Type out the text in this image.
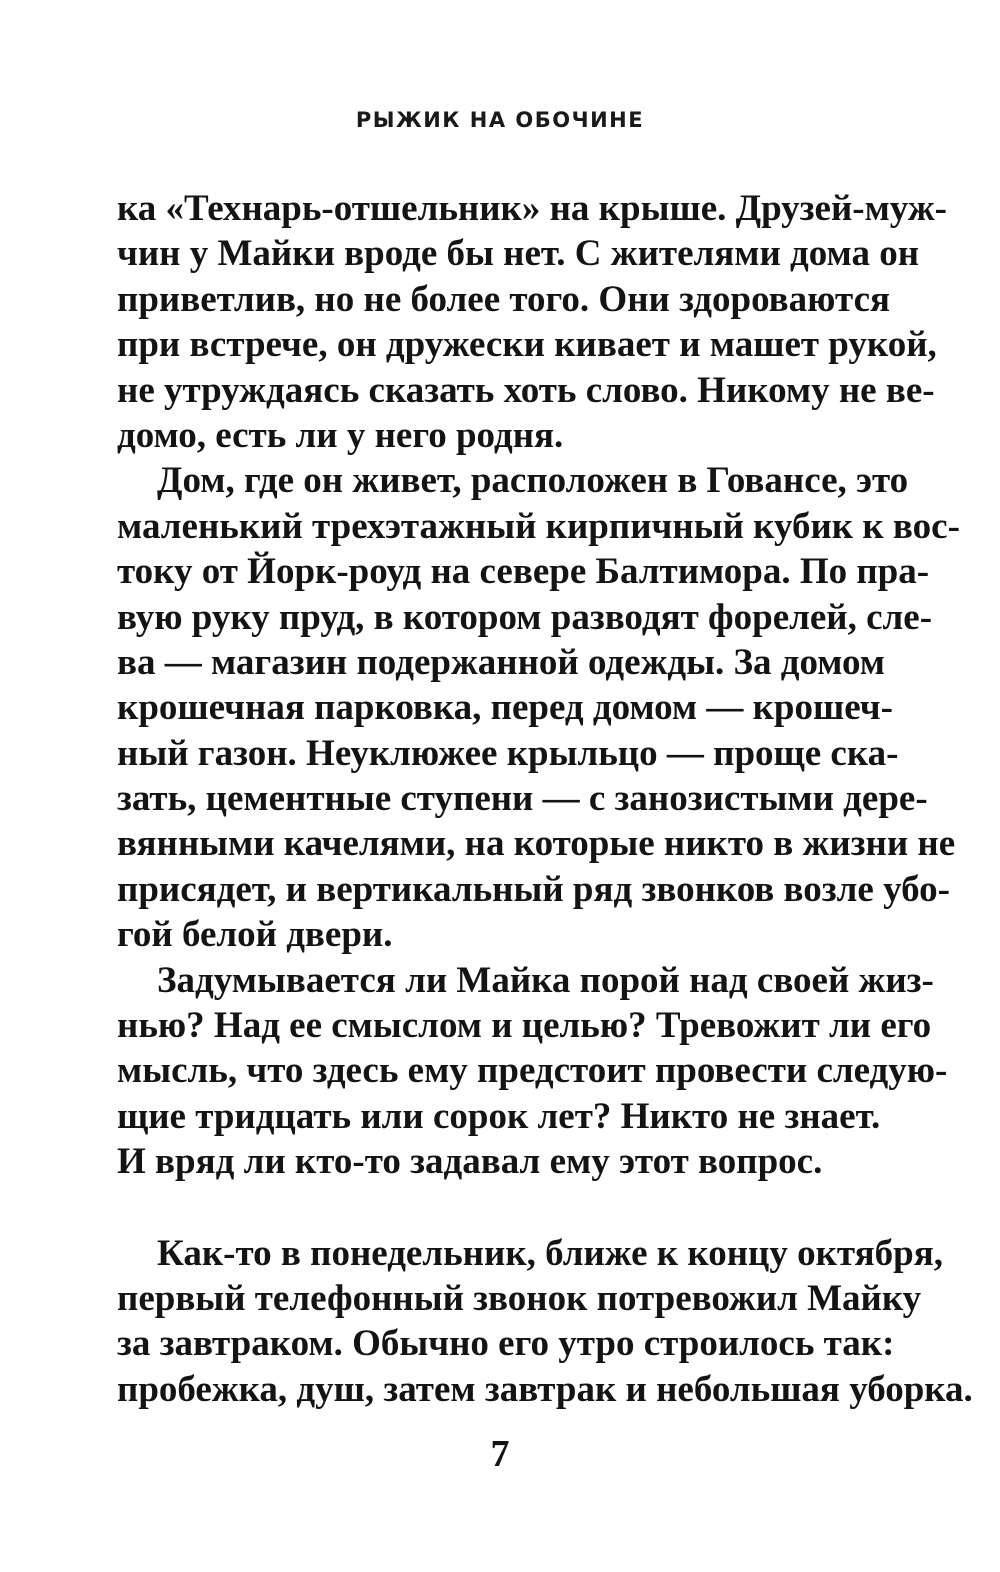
РЫЖИК НА ОБОЧИНЕ
ка «Технарь-отшельник» на крыше. Друзей-муж-
чин у Майки вроде бы нет. С жителями дома он
приветлив, но не более того. Они здороваются
при встрече, он дружески кивает и машет рукой,
не утруждаясь сказать хоть слово. Никому не ве-
домо, есть ли у него родня.
Дом, где он живет, расположен в Говансе, это
маленький трехэтажный кирпичный кубик к вос-
току от Йорк-роуд на севере Балтимора. По пра-
вую руку пруд, в котором разводят форелей, сле-
ва — магазин подержанной одежды. За домом
крошечная парковка, перед домом — крошеч-
ный газон. Неуклюжее крыльцо — проще ска-
зать, цементные ступени — с занозистыми дере-
вянными качелями, на которые никто в жизни не
присядет, и вертикальный ряд звонков возле убо-
гой белой двери.
Задумывается ли Майка порой над своей жиз-
нью? Над ее смыслом и целью? Тревожит ли его
мысль, что здесь ему предстоит провести следую-
щие тридцать или сорок лет? Никто не знает.
И вряд ли кто-то задавал ему этот вопрос.
Как-то в понедельник, ближе к концу октября,
первый телефонный звонок потревожил Майку
за завтраком. Обычно его утро строилось так:
пробежка, душ, затем завтрак и небольшая уборка.
7
